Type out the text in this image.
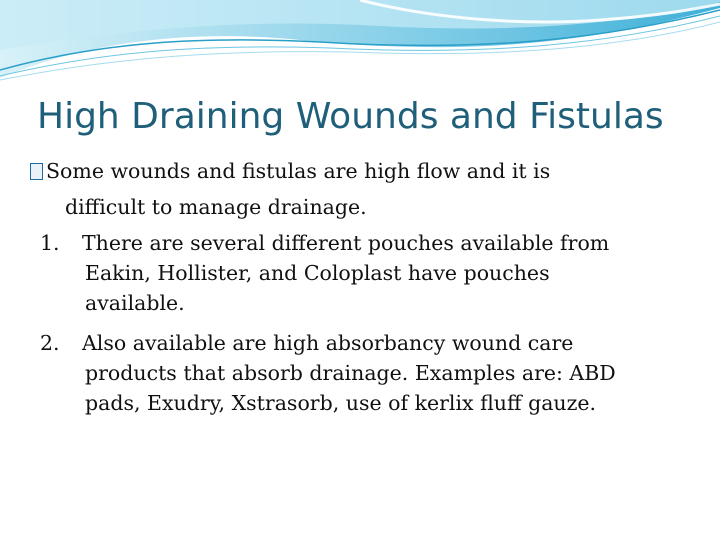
High Draining Wounds and Fistulas
Some wounds and fistulas are high flow and it is
difficult to manage drainage.
1. There are several different pouches available from
Eakin, Hollister, and Coloplast have pouches
available.
2. Also available are high absorbancy wound care
products that absorb drainage. Examples are: ABD
pads, Exudry, Xstrasorb, use of kerlix fluff gauze.
